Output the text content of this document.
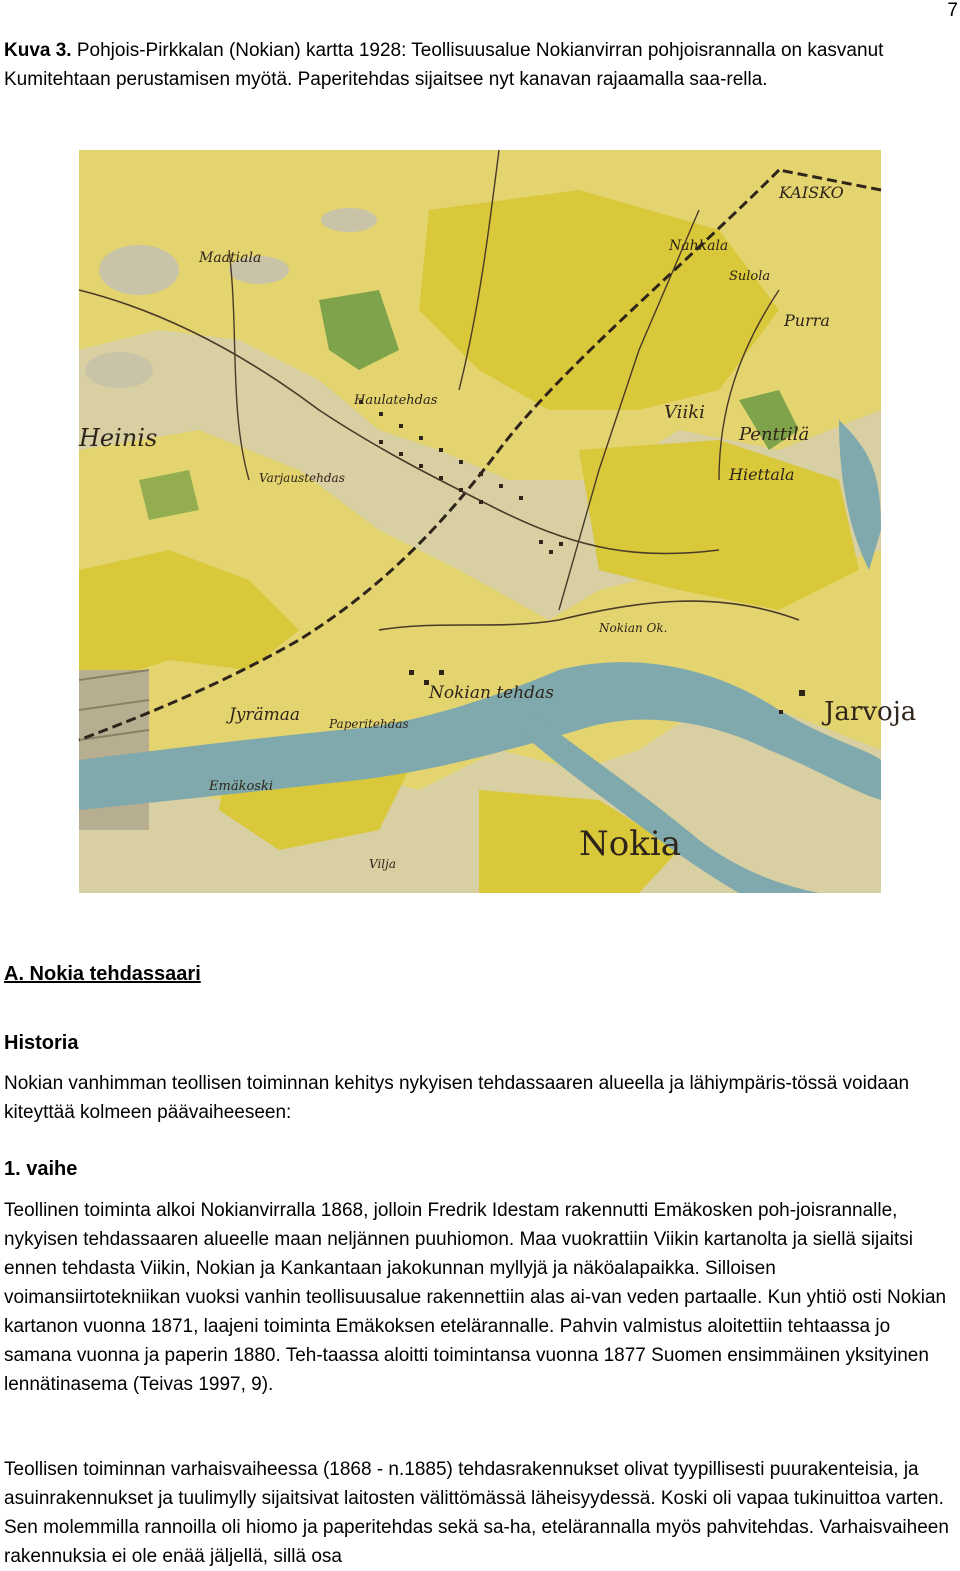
7

Kuva 3. Pohjois-Pirkkalan (Nokian) kartta 1928: Teollisuusalue Nokianvirran pohjoisrannalla on kasvanut Kumitehtaan perustamisen myötä. Paperitehdas sijaitsee nyt kanavan rajaamalla saa-rella.

KAISKO
Nahkala
Sulola
Purra
Maatiala
Haulatehdas
Viiki
Penttilä
Hiettala
Varjaustehdas
Nokian tehdas
Nokian Ok.
Jyrämaa Paperitehdas
Emäkoski
Nokia
Heinis
Jarvoja
Vilja

A. Nokia tehdassaari

Historia

Nokian vanhimman teollisen toiminnan kehitys nykyisen tehdassaaren alueella ja lähiympäris-tössä voidaan kiteyttää kolmeen päävaiheeseen:

1. vaihe

Teollinen toiminta alkoi Nokianvirralla 1868, jolloin Fredrik Idestam rakennutti Emäkosken poh-joisrannalle, nykyisen tehdassaaren alueelle maan neljännen puuhiomon. Maa vuokrattiin Viikin kartanolta ja siellä sijaitsi ennen tehdasta Viikin, Nokian ja Kankantaan jakokunnan myllyjä ja näköalapaikka. Silloisen voimansiirtotekniikan vuoksi vanhin teollisuusalue rakennettiin alas ai-van veden partaalle. Kun yhtiö osti Nokian kartanon vuonna 1871, laajeni toiminta Emäkoksen etelärannalle. Pahvin valmistus aloitettiin tehtaassa jo samana vuonna ja paperin 1880. Teh-taassa aloitti toimintansa vuonna 1877 Suomen ensimmäinen yksityinen lennätinasema (Teivas 1997, 9).

Teollisen toiminnan varhaisvaiheessa (1868 - n.1885) tehdasrakennukset olivat tyypillisesti puurakenteisia, ja asuinrakennukset ja tuulimylly sijaitsivat laitosten välittömässä läheisyydessä. Koski oli vapaa tukinuittoa varten. Sen molemmilla rannoilla oli hiomo ja paperitehdas sekä sa-ha, etelärannalla myös pahvitehdas. Varhaisvaiheen rakennuksia ei ole enää jäljellä, sillä osa
